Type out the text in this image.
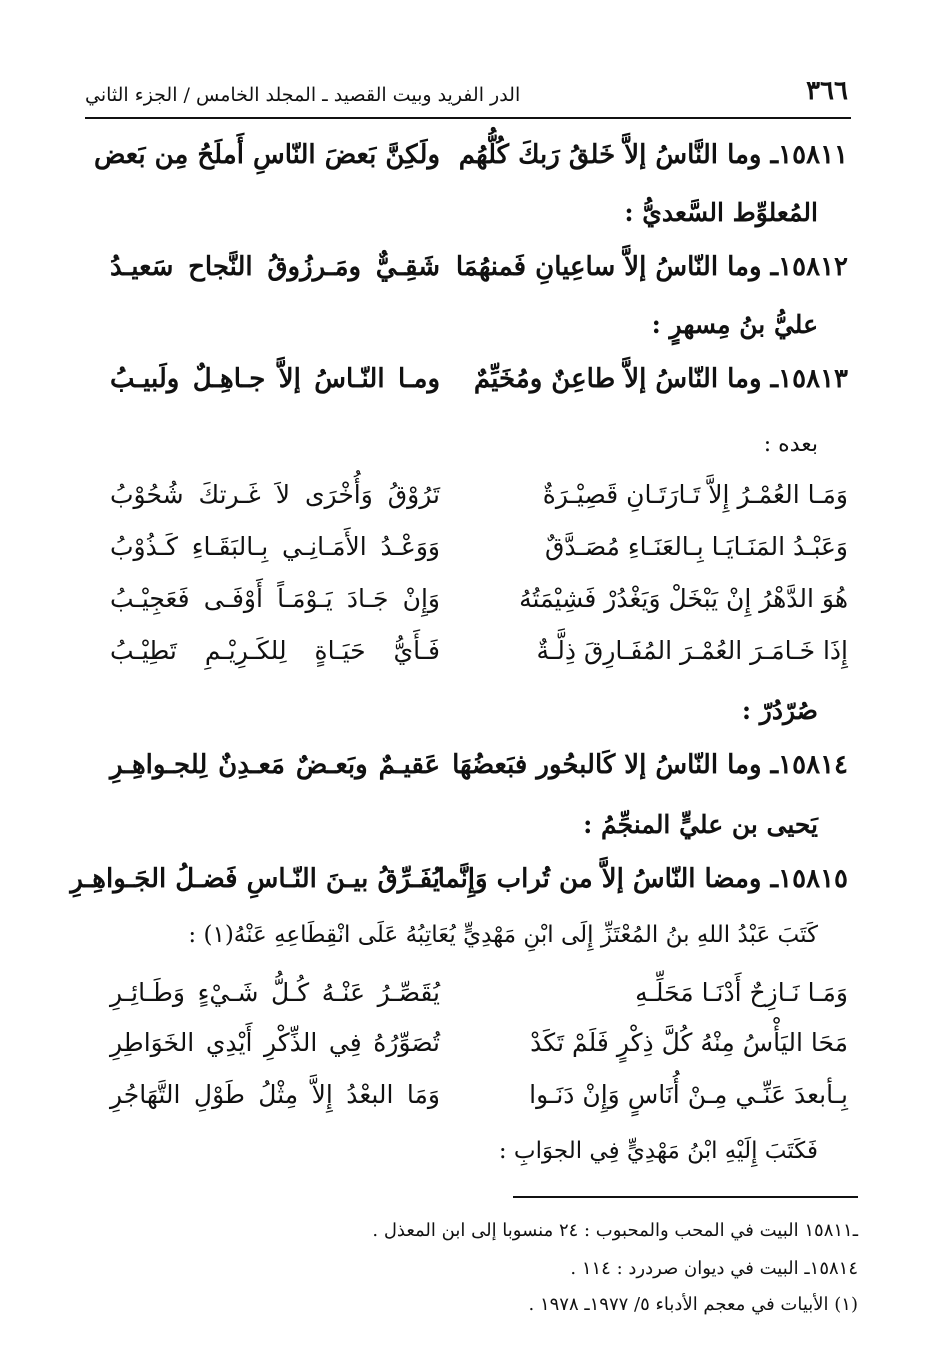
٣٦٦
الدر الفريد وبيت القصيد ـ المجلد الخامس / الجزء الثاني
١٥٨١١ـ وما النَّاسُ إلاَّ خَلقُ رَبكَ كُلُّهُم
ولَكِنَّ بَعضَ النّاسِ أَملَحُ مِن بَعض
المُعلوِّط السَّعديُّ :
١٥٨١٢ـ وما النّاسُ إلاَّ ساعِيانِ فَمنهُمَا
شَقِـيٌّ ومَـرزُوقُ النَّجاح سَعيـدُ
عليُّ بنُ مِسهرٍ :
١٥٨١٣ـ وما النّاسُ إلاَّ طاعِنٌ ومُخَيِّمٌ
ومـا النّـاسُ إلاَّ جـاهِـلٌ ولَبيـبُ
بعده :
وَمَـا العُمْـرُ إِلاَّ تَـارَتَـانِ قَصِيْـرَةٌ
تَرُوْقُ وَأُخْرَى لاَ غَـرتكَ شُحُوْبُ
وَعَبْـدُ المَنَـايَـا بِـالعَنَـاءِ مُصَـدَّقٌ
وَوَعْـدُ الأَمَـانِـي بِـالبَقَـاءِ كَـذُوْبُ
هُوَ الدَّهْرُ إِنْ يَبْخَلْ وَيَغْدُرْ فَشِيْمَتُهُ
وَإِنْ جَـادَ يَـوْمَـاً أَوْفَـى فَعَجِيْـبُ
إِذَا خَـامَـرَ العُمْـرَ المُفَـارِقَ ذِلَّـةٌ
فَـأَيُّ حَيَـاةٍ لِلكَـرِيْـمِ تَطِيْـبُ
صُرّدُرّ :
١٥٨١٤ـ وما النّاسُ إلا كَالبحُور فبَعضُهَا
عَقيـمٌ وبَعـضٌ مَعـدِنٌ لِلجـواهِـرِ
يَحيى بن عليٍّ المنجِّمُ :
١٥٨١٥ـ ومضا النّاسُ إلاَّ من تُراب وَإِنَّما
يُفَـرِّقُ بيـنَ النّـاسِ فَضـلُ الجَـواهِـرِ
كَتَبَ عَبْدُ اللهِ بنُ المُعْتَزِّ إِلَى ابْنِ مَهْدِيٍّ يُعَاتِبُهُ عَلَى انْقِطَاعِهِ عَنْهُ(١) :
وَمَـا نَـازِحٌ أَدْنَـا مَحَلِّـهِ
يُقَصِّـرُ عَنْـهُ كُـلُّ شَـيْءٍ وَطَـائِـرِ
مَحَا اليَأْسُ مِنْهُ كُلَّ ذِكْرٍ فَلَمْ تَكَدْ
تُصَوِّرُهُ فِي الذِّكْرِ أَيْدِي الخَوَاطِرِ
بِـأبعدَ عَنِّـي مِـنْ أُنَاسٍ وَإِنْ دَنَـوا
وَمَا البعْدُ إِلاَّ مِثْلُ طَوْلِ التَّهَاجُرِ
فَكَتَبَ إِلَيْهِ ابْنُ مَهْدِيٍّ فِي الجوَابِ :
ـ١٥٨١١ البيت في المحب والمحبوب : ٢٤ منسوبا إلى ابن المعذل .
١٥٨١٤ـ البيت في ديوان صردرد : ١١٤ .
(١) الأبيات في معجم الأدباء ٥/ ١٩٧٧ـ ١٩٧٨ .
